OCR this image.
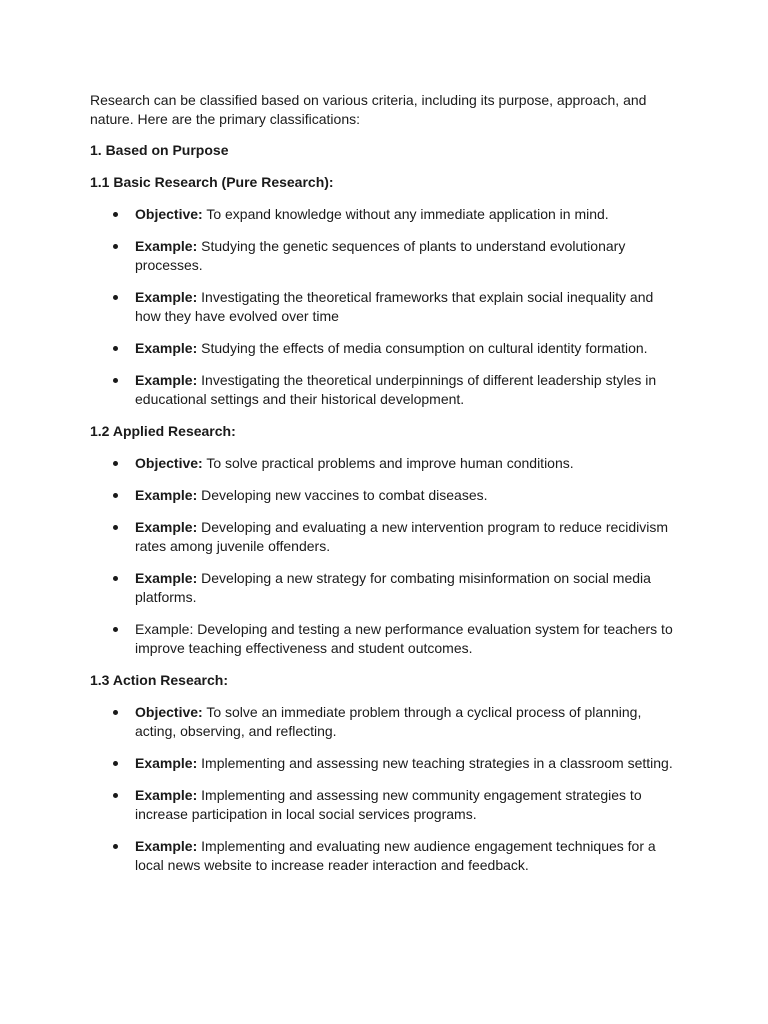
Research can be classified based on various criteria, including its purpose, approach, and nature. Here are the primary classifications:

1. Based on Purpose
1.1 Basic Research (Pure Research):
Objective: To expand knowledge without any immediate application in mind.
Example: Studying the genetic sequences of plants to understand evolutionary processes.
Example: Investigating the theoretical frameworks that explain social inequality and how they have evolved over time
Example: Studying the effects of media consumption on cultural identity formation.
Example: Investigating the theoretical underpinnings of different leadership styles in educational settings and their historical development.
1.2 Applied Research:
Objective: To solve practical problems and improve human conditions.
Example: Developing new vaccines to combat diseases.
Example: Developing and evaluating a new intervention program to reduce recidivism rates among juvenile offenders.
Example: Developing a new strategy for combating misinformation on social media platforms.
Example: Developing and testing a new performance evaluation system for teachers to improve teaching effectiveness and student outcomes.
1.3 Action Research:
Objective: To solve an immediate problem through a cyclical process of planning, acting, observing, and reflecting.
Example: Implementing and assessing new teaching strategies in a classroom setting.
Example: Implementing and assessing new community engagement strategies to increase participation in local social services programs.
Example: Implementing and evaluating new audience engagement techniques for a local news website to increase reader interaction and feedback.
